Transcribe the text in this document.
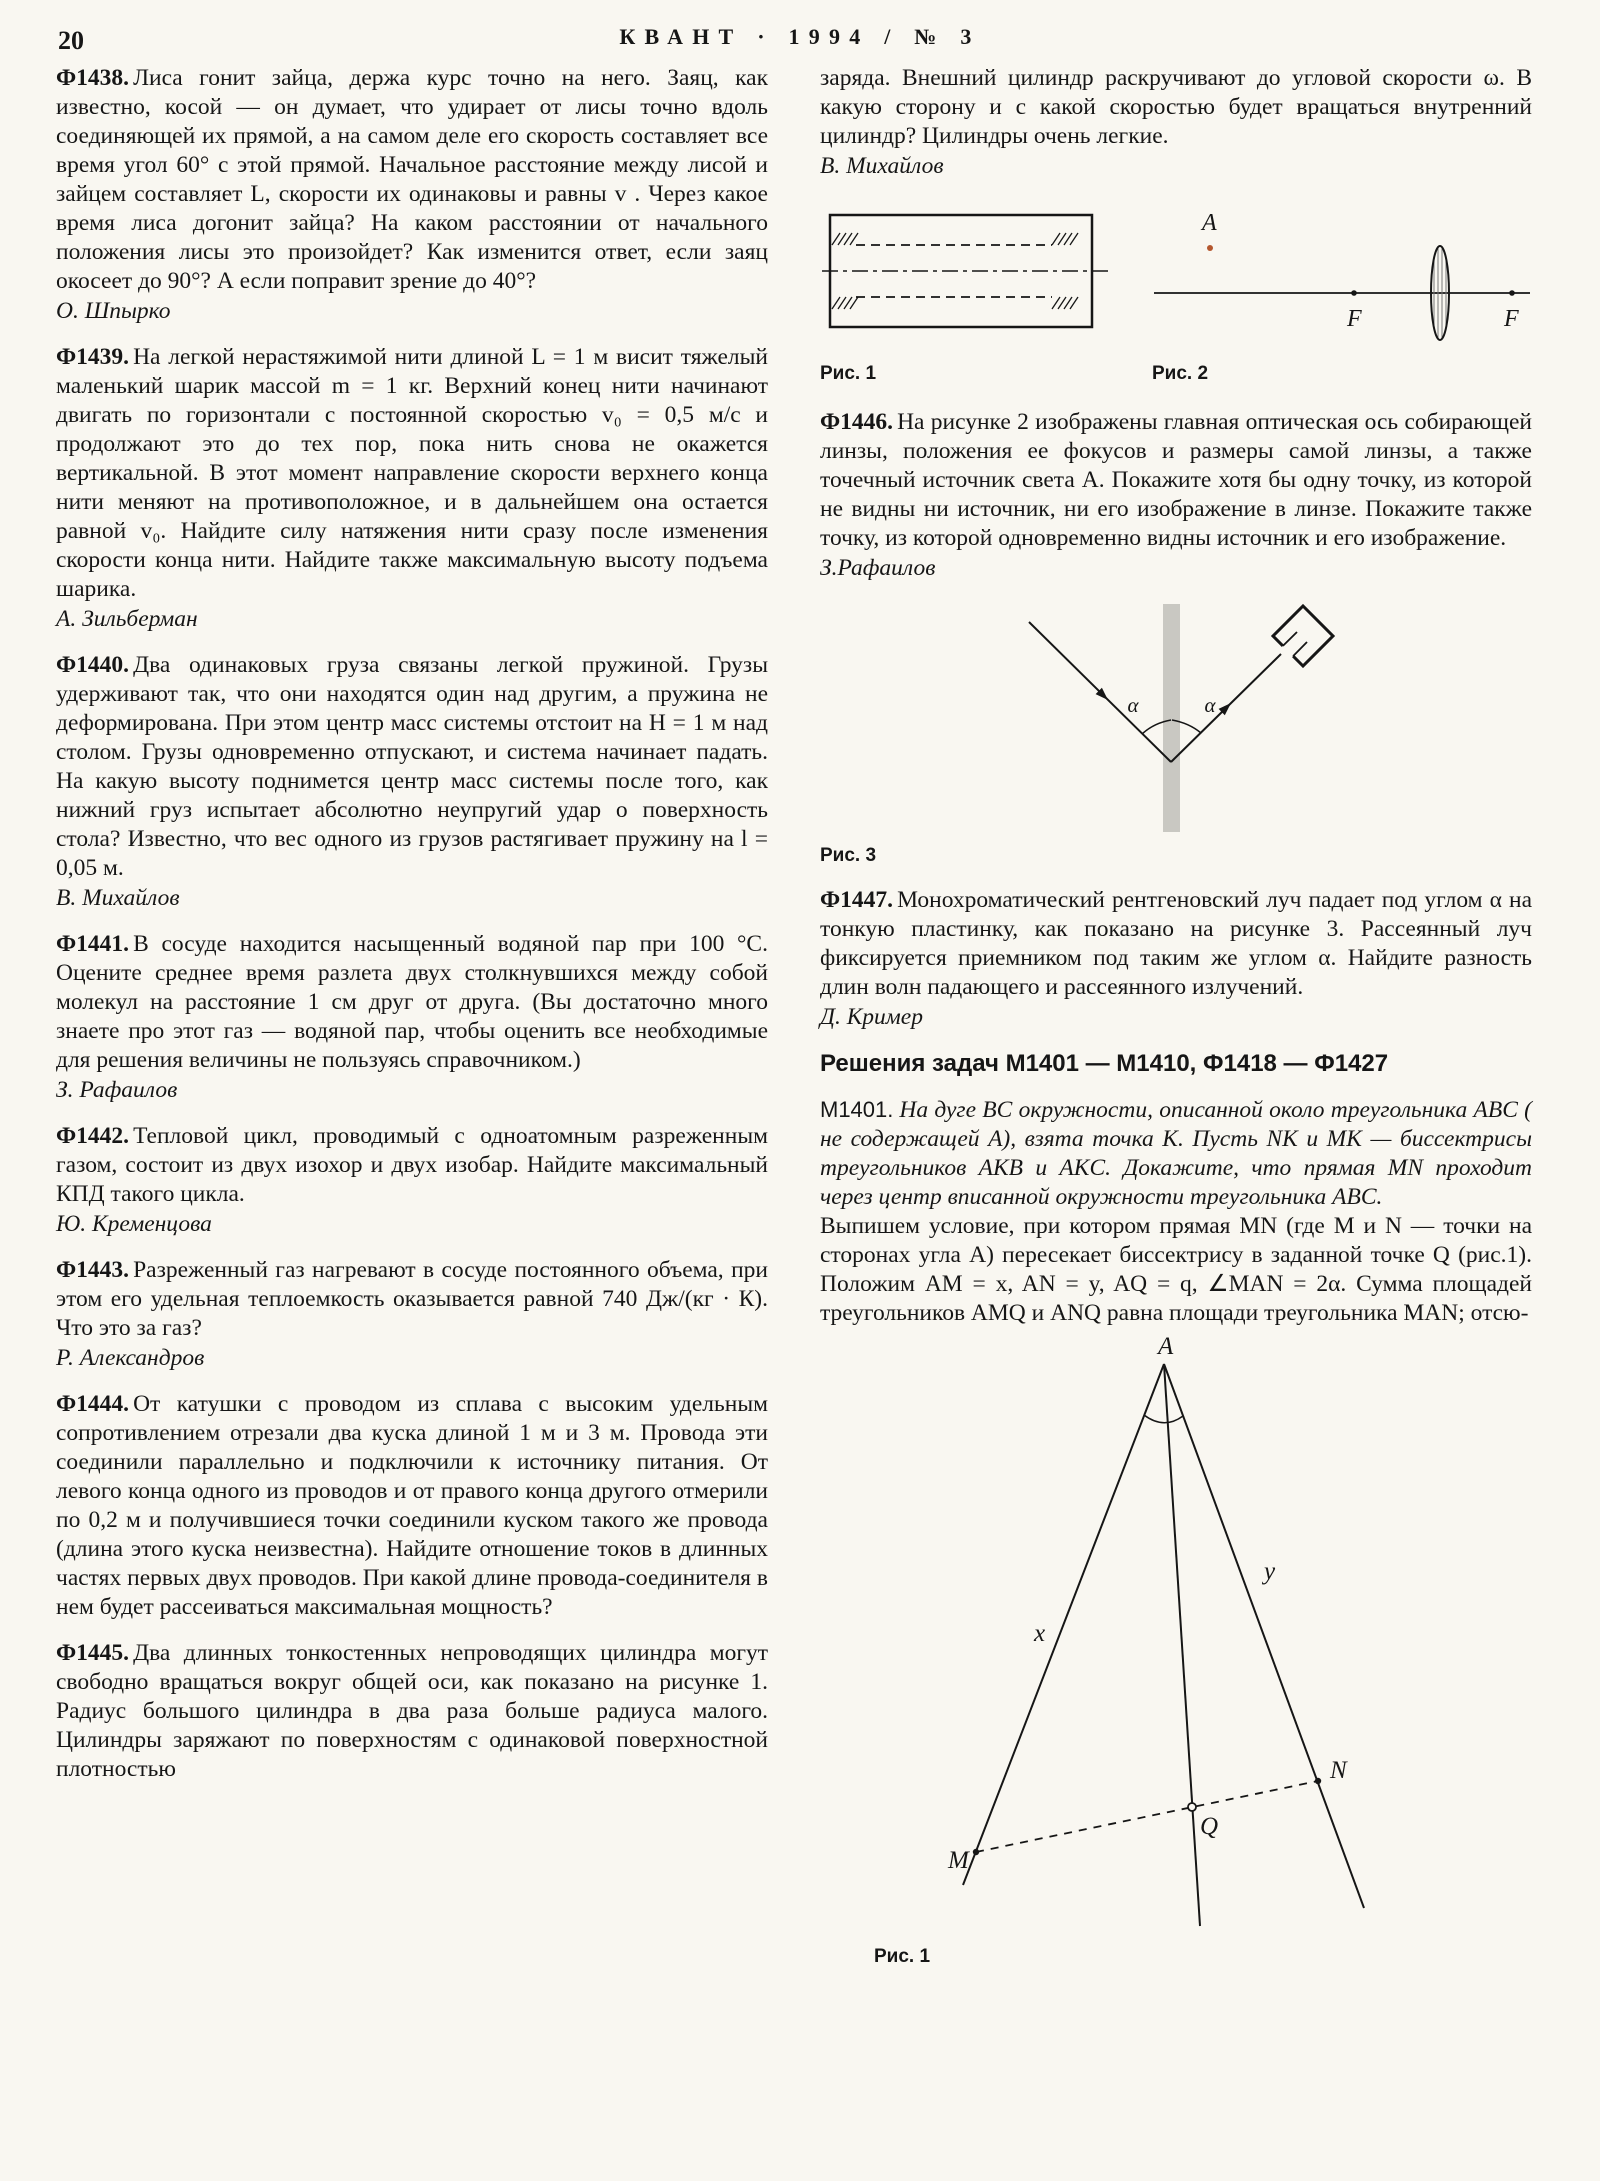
20	КВАНТ · 1994 / № 3

Ф1438. Лиса гонит зайца, держа курс точно на него. Заяц, как известно, косой — он думает, что удирает от лисы точно вдоль соединяющей их прямой, а на самом деле его скорость составляет все время угол 60° с этой прямой. Начальное расстояние между лисой и зайцем составляет L, скорости их одинаковы и равны v . Через какое время лиса догонит зайца? На каком расстоянии от начального положения лисы это произойдет? Как изменится ответ, если заяц окосеет до 90°? А если поправит зрение до 40°?

О. Шпырко

Ф1439. На легкой нерастяжимой нити длиной L = 1 м висит тяжелый маленький шарик массой m = 1 кг. Верхний конец нити начинают двигать по горизонтали с постоянной скоростью v₀ = 0,5 м/с и продолжают это до тех пор, пока нить снова не окажется вертикальной. В этот момент направление скорости верхнего конца нити меняют на противоположное, и в дальнейшем она остается равной v₀. Найдите силу натяжения нити сразу после изменения скорости конца нити. Найдите также максимальную высоту подъема шарика.

А. Зильберман

Ф1440. Два одинаковых груза связаны легкой пружиной. Грузы удерживают так, что они находятся один над другим, а пружина не деформирована. При этом центр масс системы отстоит на H = 1 м над столом. Грузы одновременно отпускают, и система начинает падать. На какую высоту поднимется центр масс системы после того, как нижний груз испытает абсолютно неупругий удар о поверхность стола? Известно, что вес одного из грузов растягивает пружину на l = 0,05 м.

В. Михайлов

Ф1441. В сосуде находится насыщенный водяной пар при 100 °C. Оцените среднее время разлета двух столкнувшихся между собой молекул на расстояние 1 см друг от друга. (Вы достаточно много знаете про этот газ — водяной пар, чтобы оценить все необходимые для решения величины не пользуясь справочником.)

З. Рафаилов

Ф1442. Тепловой цикл, проводимый с одноатомным разреженным газом, состоит из двух изохор и двух изобар. Найдите максимальный КПД такого цикла.

Ю. Кременцова

Ф1443. Разреженный газ нагревают в сосуде постоянного объема, при этом его удельная теплоемкость оказывается равной 740 Дж/(кг · К). Что это за газ?

Р. Александров

Ф1444. От катушки с проводом из сплава с высоким удельным сопротивлением отрезали два куска длиной 1 м и 3 м. Провода эти соединили параллельно и подключили к источнику питания. От левого конца одного из проводов и от правого конца другого отмерили по 0,2 м и получившиеся точки соединили куском такого же провода (длина этого куска неизвестна). Найдите отношение токов в длинных частях первых двух проводов. При какой длине провода-соединителя в нем будет рассеиваться максимальная мощность?

Ф1445. Два длинных тонкостенных непроводящих цилиндра могут свободно вращаться вокруг общей оси, как показано на рисунке 1. Радиус большого цилиндра в два раза больше радиуса малого. Цилиндры заряжают по поверхностям с одинаковой поверхностной плотностью

заряда. Внешний цилиндр раскручивают до угловой скорости ω. В какую сторону и с какой скоростью будет вращаться внутренний цилиндр? Цилиндры очень легкие.

В. Михайлов
Рис. 1
A
F	F
Рис. 2

Ф1446. На рисунке 2 изображены главная оптическая ось собирающей линзы, положения ее фокусов и размеры самой линзы, а также точечный источник света A. Покажите хотя бы одну точку, из которой не видны ни источник, ни его изображение в линзе. Покажите также точку, из которой одновременно видны источник и его изображение.

З.Рафаилов
α	α
Рис. 3

Ф1447. Монохроматический рентгеновский луч падает под углом α на тонкую пластинку, как показано на рисунке 3. Рассеянный луч фиксируется приемником под таким же углом α. Найдите разность длин волн падающего и рассеянного излучений.

Д. Кример
Решения задач М1401 — М1410, Ф1418 — Ф1427

М1401. На дуге BC окружности, описанной около треугольника ABC ( не содержащей A), взята точка K. Пусть NK и MK — биссектрисы треугольников AKB и AKC. Докажите, что прямая MN проходит через центр вписанной окружности треугольника ABC.

Выпишем условие, при котором прямая MN (где M и N — точки на сторонах угла A) пересекает биссектрису в заданной точке Q (рис.1). Положим AM = x, AN = y, AQ = q, ∠MAN = 2α. Сумма площадей треугольников AMQ и ANQ равна площади треугольника MAN; отсю-

A
x
y
M
N
Q
Рис. 1
